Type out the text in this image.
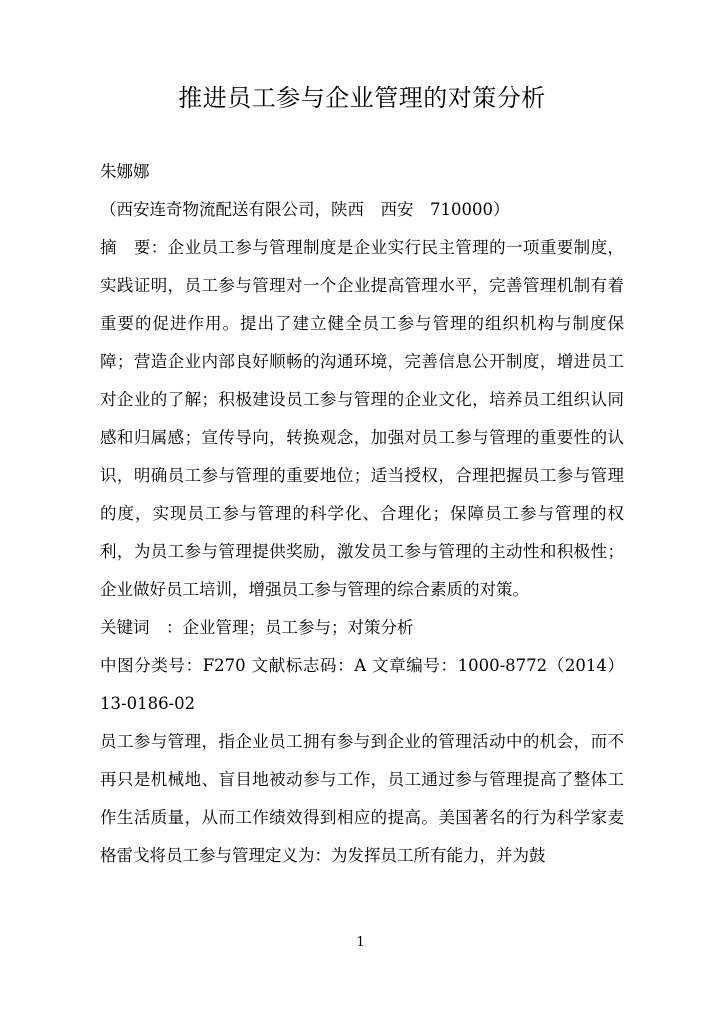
推进员工参与企业管理的对策分析
朱娜娜
（西安连奇物流配送有限公司，陕西　西安　710000）

摘　要：企业员工参与管理制度是企业实行民主管理的一项重要制度，实践证明，员工参与管理对一个企业提高管理水平，完善管理机制有着重要的促进作用。提出了建立健全员工参与管理的组织机构与制度保障；营造企业内部良好顺畅的沟通环境，完善信息公开制度，增进员工对企业的了解；积极建设员工参与管理的企业文化，培养员工组织认同感和归属感；宣传导向，转换观念，加强对员工参与管理的重要性的认识，明确员工参与管理的重要地位；适当授权，合理把握员工参与管理的度，实现员工参与管理的科学化、合理化；保障员工参与管理的权利，为员工参与管理提供奖励，激发员工参与管理的主动性和积极性；企业做好员工培训，增强员工参与管理的综合素质的对策。

关键词　：企业管理；员工参与；对策分析

中图分类号：F270 文献标志码：A 文章编号：1000-8772（2014）13-0186-02

员工参与管理，指企业员工拥有参与到企业的管理活动中的机会，而不再只是机械地、盲目地被动参与工作，员工通过参与管理提高了整体工作生活质量，从而工作绩效得到相应的提高。美国著名的行为科学家麦格雷戈将员工参与管理定义为：为发挥员工所有能力，并为鼓

1
